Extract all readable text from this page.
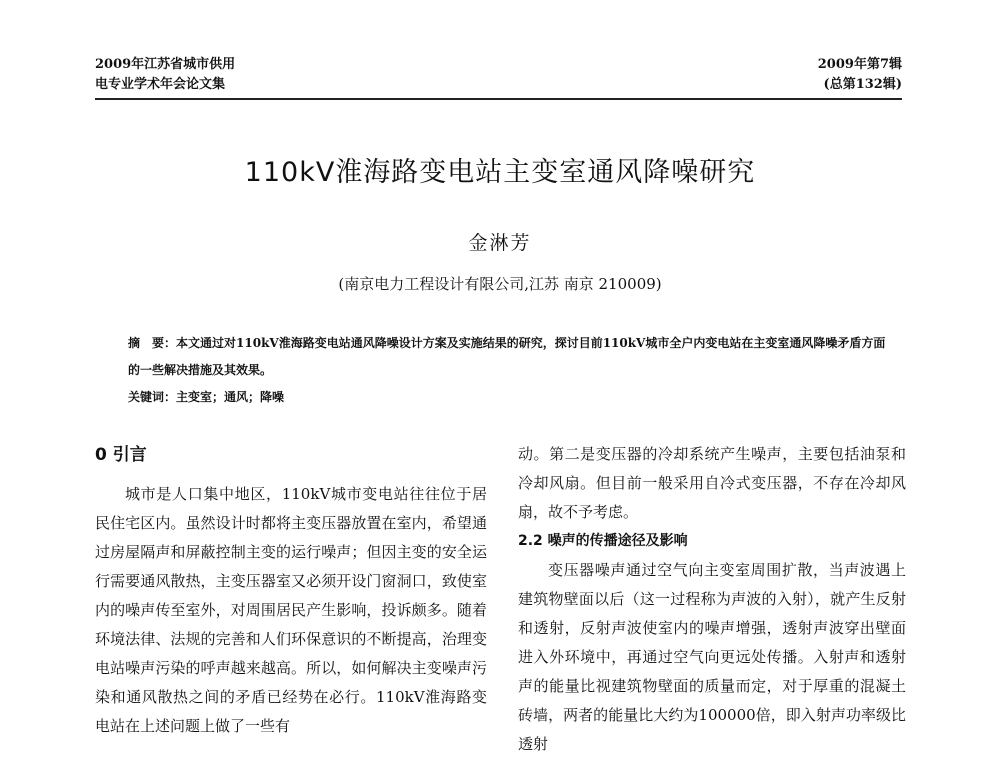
2009年江苏省城市供用
电专业学术年会论文集
2009年第7辑
(总第132辑)
110kV淮海路变电站主变室通风降噪研究
金淋芳
(南京电力工程设计有限公司,江苏 南京 210009)
摘　要：本文通过对110kV淮海路变电站通风降噪设计方案及实施结果的研究，探讨目前110kV城市全户内变电站在主变室通风降噪矛盾方面的一些解决措施及其效果。
关键词：主变室；通风；降噪
0 引言

城市是人口集中地区，110kV城市变电站往往位于居民住宅区内。虽然设计时都将主变压器放置在室内，希望通过房屋隔声和屏蔽控制主变的运行噪声；但因主变的安全运行需要通风散热，主变压器室又必须开设门窗洞口，致使室内的噪声传至室外，对周围居民产生影响，投诉颇多。随着环境法律、法规的完善和人们环保意识的不断提高，治理变电站噪声污染的呼声越来越高。所以，如何解决主变噪声污染和通风散热之间的矛盾已经势在必行。110kV淮海路变电站在上述问题上做了一些有

动。第二是变压器的冷却系统产生噪声，主要包括油泵和冷却风扇。但目前一般采用自冷式变压器，不存在冷却风扇，故不予考虑。

2.2 噪声的传播途径及影响

变压器噪声通过空气向主变室周围扩散，当声波遇上建筑物壁面以后（这一过程称为声波的入射），就产生反射和透射，反射声波使室内的噪声增强，透射声波穿出壁面进入外环境中，再通过空气向更远处传播。入射声和透射声的能量比视建筑物壁面的质量而定，对于厚重的混凝土砖墙，两者的能量比大约为100000倍，即入射声功率级比透射
